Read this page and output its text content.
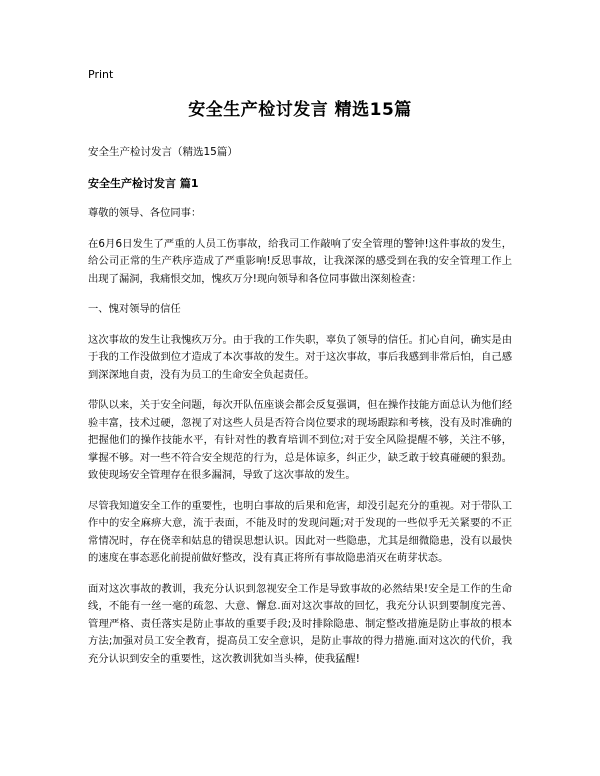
Print
安全生产检讨发言 精选15篇

安全生产检讨发言（精选15篇）

安全生产检讨发言 篇1

尊敬的领导、各位同事：

在6月6日发生了严重的人员工伤事故，给我司工作敲响了安全管理的警钟!这件事故的发生，给公司正常的生产秩序造成了严重影响!反思事故，让我深深的感受到在我的安全管理工作上出现了漏洞，我痛恨交加，愧疚万分!现向领导和各位同事做出深刻检查：

一、愧对领导的信任

这次事故的发生让我愧疚万分。由于我的工作失职，辜负了领导的信任。扪心自问，确实是由于我的工作没做到位才造成了本次事故的发生。对于这次事故，事后我感到非常后怕，自己感到深深地自责，没有为员工的生命安全负起责任。

带队以来，关于安全问题，每次开队伍座谈会都会反复强调，但在操作技能方面总认为他们经验丰富，技术过硬，忽视了对这些人员是否符合岗位要求的现场跟踪和考核，没有及时准确的把握他们的操作技能水平，有针对性的教育培训不到位;对于安全风险提醒不够，关注不够，掌握不够。对一些不符合安全规范的行为，总是体谅多，纠正少，缺乏敢于较真碰硬的狠劲。致使现场安全管理存在很多漏洞，导致了这次事故的发生。

尽管我知道安全工作的重要性，也明白事故的后果和危害，却没引起充分的重视。对于带队工作中的安全麻痹大意，流于表面，不能及时的发现问题;对于发现的一些似乎无关紧要的不正常情况时，存在侥幸和姑息的错误思想认识。因此对一些隐患，尤其是细微隐患，没有以最快的速度在事态恶化前提前做好整改，没有真正将所有事故隐患消灭在萌芽状态。

面对这次事故的教训，我充分认识到忽视安全工作是导致事故的必然结果!安全是工作的生命线，不能有一丝一毫的疏忽、大意、懈怠.面对这次事故的回忆，我充分认识到要制度完善、管理严格、责任落实是防止事故的重要手段;及时排除隐患、制定整改措施是防止事故的根本方法;加强对员工安全教育，提高员工安全意识，是防止事故的得力措施.面对这次的代价，我充分认识到安全的重要性，这次教训犹如当头棒，使我猛醒!
